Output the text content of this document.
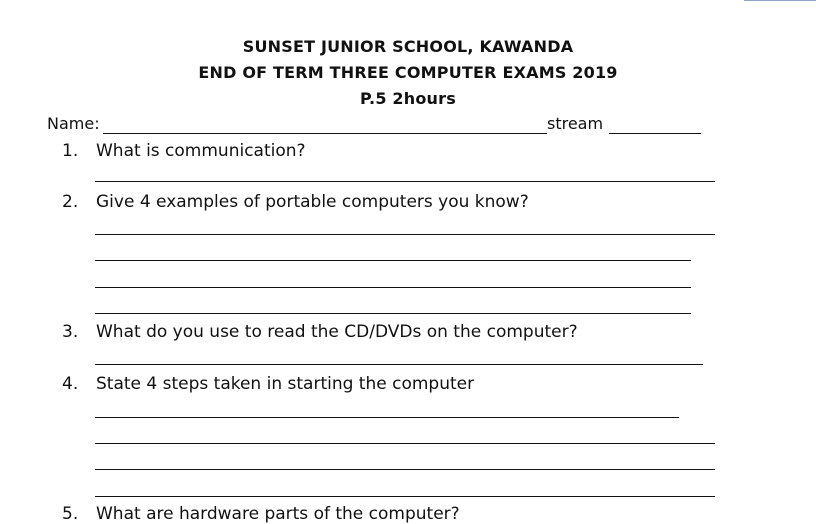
SUNSET JUNIOR SCHOOL, KAWANDA
END OF TERM THREE COMPUTER EXAMS 2019
P.5 2hours
Name:	stream
1. What is communication?
2. Give 4 examples of portable computers you know?
3. What do you use to read the CD/DVDs on the computer?
4. State 4 steps taken in starting the computer
5. What are hardware parts of the computer?
